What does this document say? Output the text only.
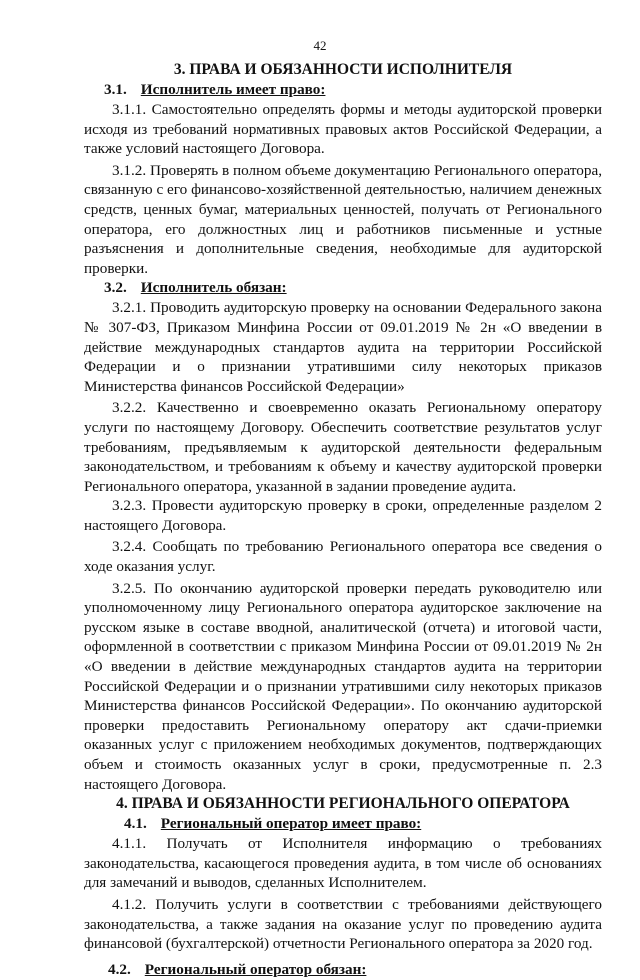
42
3. ПРАВА И ОБЯЗАННОСТИ ИСПОЛНИТЕЛЯ
3.1. Исполнитель имеет право:

3.1.1. Самостоятельно определять формы и методы аудиторской проверки исходя из требований нормативных правовых актов Российской Федерации, а также условий настоящего Договора.

3.1.2. Проверять в полном объеме документацию Регионального оператора, связанную с его финансово-хозяйственной деятельностью, наличием денежных средств, ценных бумаг, материальных ценностей, получать от Регионального оператора, его должностных лиц и работников письменные и устные разъяснения и дополнительные сведения, необходимые для аудиторской проверки.

3.2. Исполнитель обязан:

3.2.1. Проводить аудиторскую проверку на основании Федерального закона № 307-ФЗ, Приказом Минфина России от 09.01.2019 № 2н «О введении в действие международных стандартов аудита на территории Российской Федерации и о признании утратившими силу некоторых приказов Министерства финансов Российской Федерации»

3.2.2. Качественно и своевременно оказать Региональному оператору услуги по настоящему Договору. Обеспечить соответствие результатов услуг требованиям, предъявляемым к аудиторской деятельности федеральным законодательством, и требованиям к объему и качеству аудиторской проверки Регионального оператора, указанной в задании проведение аудита.

3.2.3. Провести аудиторскую проверку в сроки, определенные разделом 2 настоящего Договора.

3.2.4. Сообщать по требованию Регионального оператора все сведения о ходе оказания услуг.

3.2.5. По окончанию аудиторской проверки передать руководителю или уполномоченному лицу Регионального оператора аудиторское заключение на русском языке в составе вводной, аналитической (отчета) и итоговой части, оформленной в соответствии с приказом Минфина России от 09.01.2019 № 2н «О введении в действие международных стандартов аудита на территории Российской Федерации и о признании утратившими силу некоторых приказов Министерства финансов Российской Федерации». По окончанию аудиторской проверки предоставить Региональному оператору акт сдачи-приемки оказанных услуг с приложением необходимых документов, подтверждающих объем и стоимость оказанных услуг в сроки, предусмотренные п. 2.3 настоящего Договора.

4. ПРАВА И ОБЯЗАННОСТИ РЕГИОНАЛЬНОГО ОПЕРАТОРА
4.1. Региональный оператор имеет право:

4.1.1. Получать от Исполнителя информацию о требованиях законодательства, касающегося проведения аудита, в том числе об основаниях для замечаний и выводов, сделанных Исполнителем.

4.1.2. Получить услуги в соответствии с требованиями действующего законодательства, а также задания на оказание услуг по проведению аудита финансовой (бухгалтерской) отчетности Регионального оператора за 2020 год.

4.2. Региональный оператор обязан:
